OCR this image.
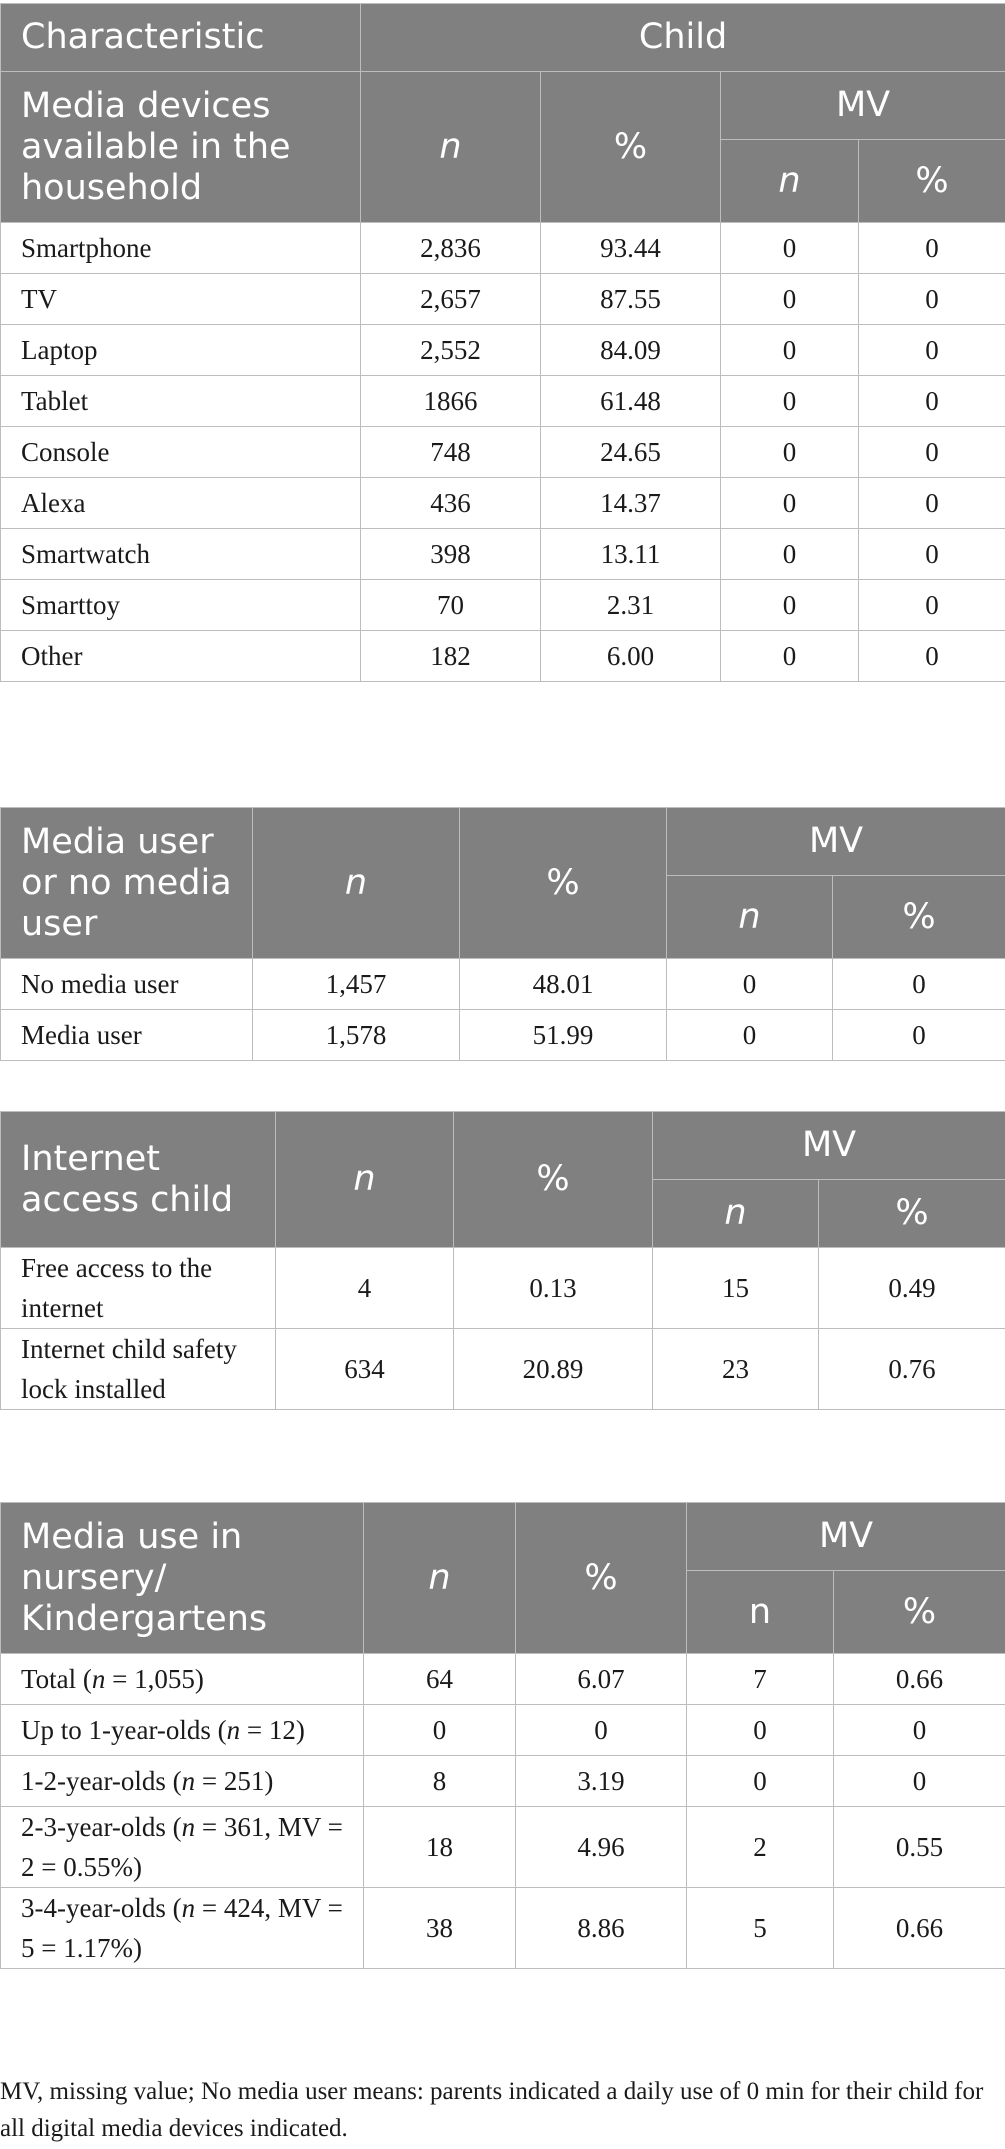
Characteristic	Child			
Media devices available in the household	n	%	MV	
			n	%
Smartphone	2,836	93.44	0	0
TV	2,657	87.55	0	0
Laptop	2,552	84.09	0	0
Tablet	1866	61.48	0	0
Console	748	24.65	0	0
Alexa	436	14.37	0	0
Smartwatch	398	13.11	0	0
Smarttoy	70	2.31	0	0
Other	182	6.00	0	0
Media user or no media user	n	%	MV	
			n	%
No media user	1,457	48.01	0	0
Media user	1,578	51.99	0	0
Internet access child	n	%	MV	
			n	%
Free access to the internet	4	0.13	15	0.49
Internet child safety lock installed	634	20.89	23	0.76
Media use in nursery/ Kindergartens	n	%	MV	
			n	%
Total (n = 1,055)	64	6.07	7	0.66
Up to 1-year-olds (n = 12)	0	0	0	0
1-2-year-olds (n = 251)	8	3.19	0	0
2-3-year-olds (n = 361, MV = 2 = 0.55%)	18	4.96	2	0.55
3-4-year-olds (n = 424, MV = 5 = 1.17%)	38	8.86	5	0.66
MV, missing value; No media user means: parents indicated a daily use of 0 min for their child for all digital media devices indicated.
